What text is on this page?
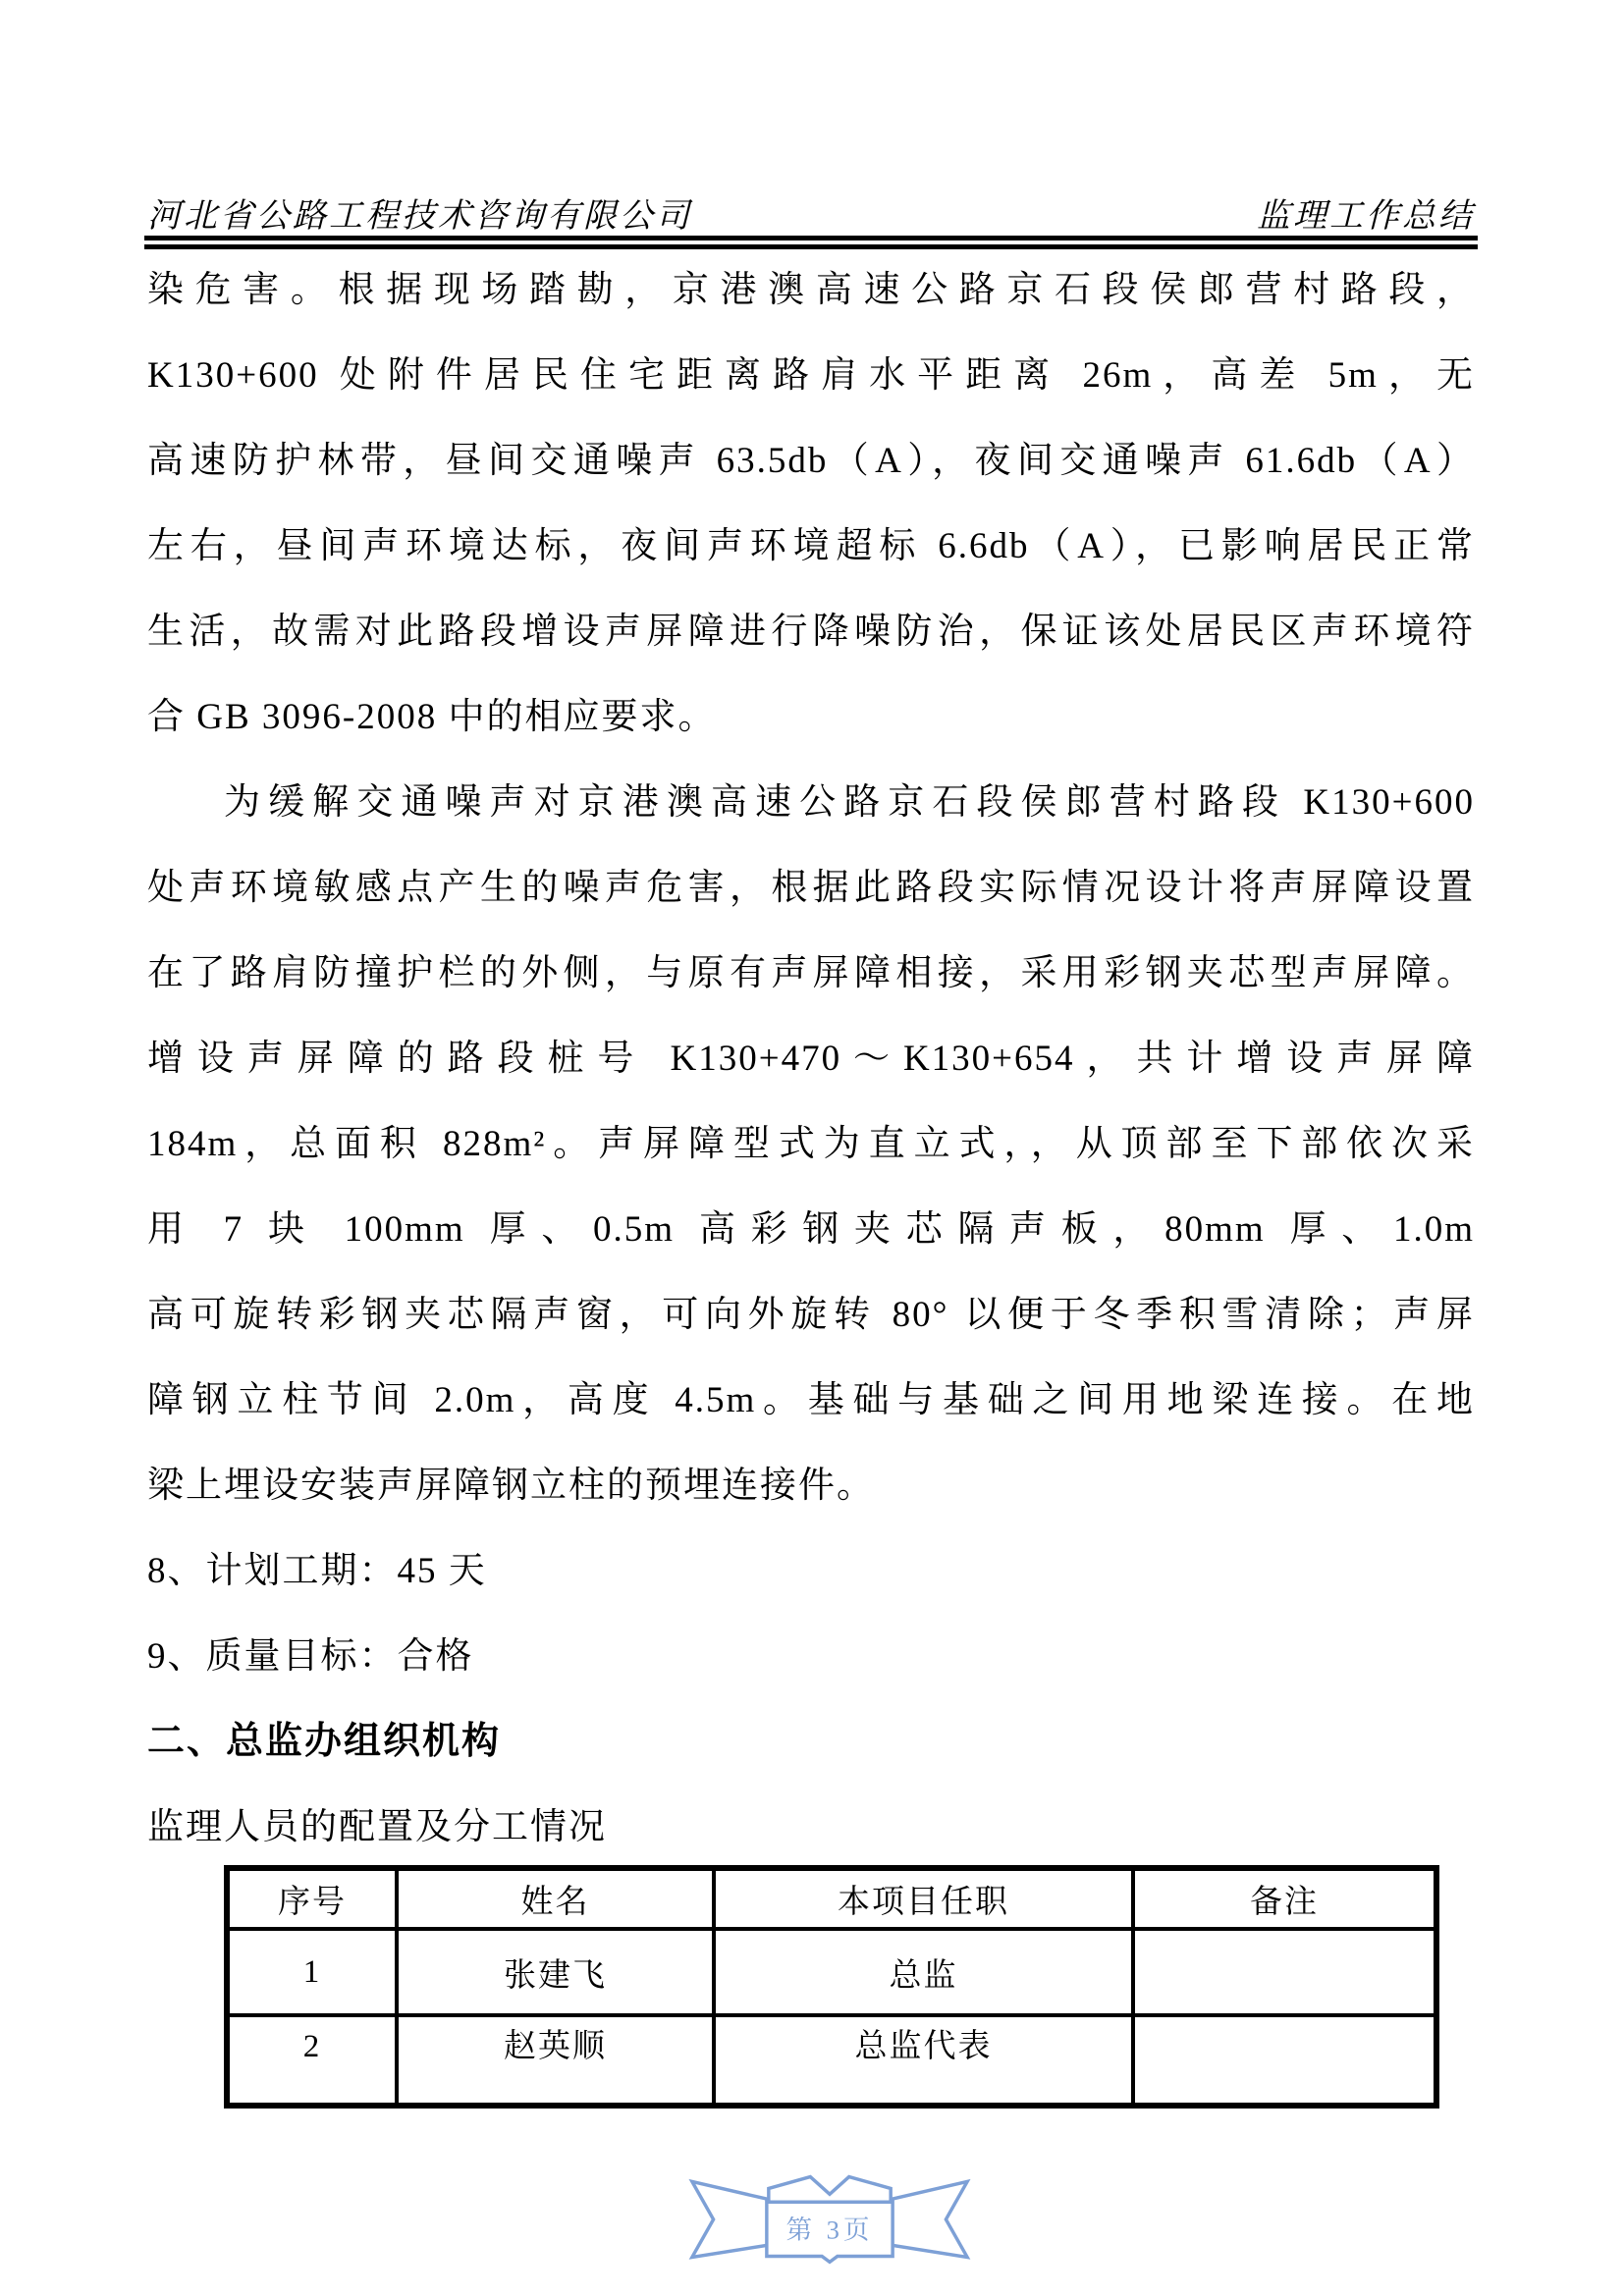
河北省公路工程技术咨询有限公司	监理工作总结
染危害。根据现场踏勘，京港澳高速公路京石段侯郎营村路段，
K130+600 处附件居民住宅距离路肩水平距离 26m，高差 5m，无
高速防护林带，昼间交通噪声 63.5db（A），夜间交通噪声 61.6db（A）
左右，昼间声环境达标，夜间声环境超标 6.6db（A），已影响居民正常
生活，故需对此路段增设声屏障进行降噪防治，保证该处居民区声环境符
合 GB 3096-2008 中的相应要求。
为缓解交通噪声对京港澳高速公路京石段侯郎营村路段 K130+600
处声环境敏感点产生的噪声危害，根据此路段实际情况设计将声屏障设置
在了路肩防撞护栏的外侧，与原有声屏障相接，采用彩钢夹芯型声屏障。
增设声屏障的路段桩号 K130+470～K130+654，共计增设声屏障
184m，总面积 828m²。声屏障型式为直立式，，从顶部至下部依次采
用 7 块 100mm 厚、0.5m 高彩钢夹芯隔声板，80mm 厚、1.0m
高可旋转彩钢夹芯隔声窗，可向外旋转 80° 以便于冬季积雪清除；声屏
障钢立柱节间 2.0m，高度 4.5m。基础与基础之间用地梁连接。在地
梁上埋设安装声屏障钢立柱的预埋连接件。
8、计划工期：45 天
9、质量目标：合格
二、总监办组织机构
监理人员的配置及分工情况
序号	姓名	本项目任职	备注
1	张建飞	总监	
2	赵英顺	总监代表	
第 3页
